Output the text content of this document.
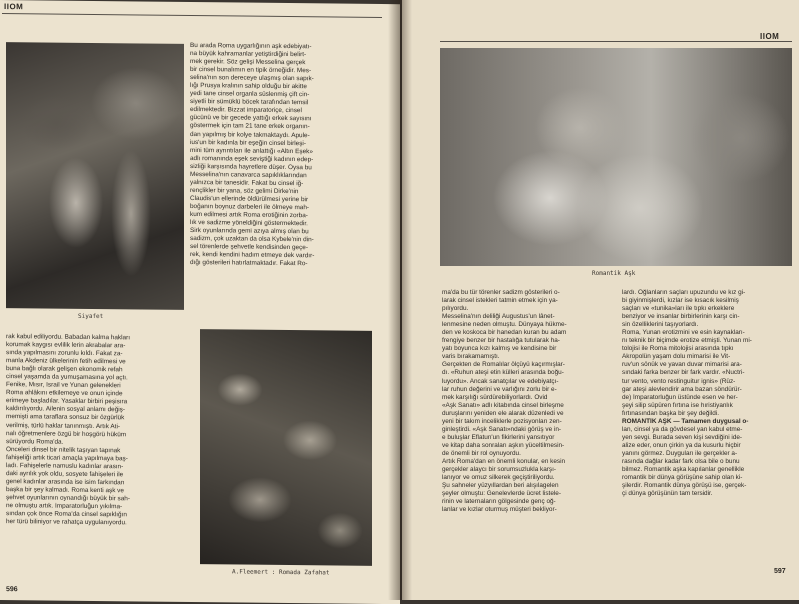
IIOM
Siyafet
A.Fleemert : Romada Zafahat
Bu arada Roma uygarlığının aşk edebiyatı-
na büyük kahramanlar yetiştirdiğini belirt-
mek gerekir. Söz gelişi Messelina gerçek
bir cinsel bunalımın en tipik örneğidir. Mes-
selina'nın son dereceye ulaşmış olan sapık-
lığı Prusya kralının sahip olduğu bir akitte
yedi tane cinsel organla süslenmiş çift cin-
siyetli bir sümüklü böcek tarafından temsil
edilmektedir. Bizzat imparatoriçe, cinsel
gücünü ve bir gecede yattığı erkek sayısını
göstermek için tam 21 tane erkek organın-
dan yapılmış bir kolye takmaktaydı. Apule-
ius'un bir kadınla bir eşeğin cinsel birleşi-
mini tüm ayrıntıları ile anlattığı «Altın Eşek»
adlı romanında eşek sevişti̇ği kadının edep-
sizliği karşısında hayretlere düşer. Oysa bu
Messelina'nın canavarca sapıklıklarından
yalnızca bir tanesidir. Fakat bu cinsel iğ-
rençlikler bir yana, söz gelimi Dirke'nin
Claudis'un ellerinde öldürülmesi yerine bir
boğanın boynuz darbeleri ile ölmeye mah-
kum edilmesi artık Roma erotiğinin zorba-
lık ve sadizme yöneldiğini göstermektedir.
Sirk oyunlarında gemi azıya almış olan bu
sadizm, çok uzaktan da olsa Kybele'nin din-
sel törenlerde şehvetle kendisinden geçe-
rek, kendi kendini hadım etmeye dek vardır-
dığı gösterileri hatırlatmaktadır. Fakat Ro-
rak kabul ediliyordu. Babadan kalma hakları
korumak kaygısı evlilik lerin akrabalar ara-
sında yapılmasını zorunlu kıldı. Fakat za-
manla Akdeniz ülkelerinin fetih edilmesi ve
buna bağlı olarak gelişen ekonomik refah
cinsel yaşamda da yumuşamasına yol açtı.
Fenike, Mısır, İsrail ve Yunan gelenekleri
Roma ahlâkını etkilemeye ve onun içinde
erimeye başladılar. Yasaklar birbiri peşisıra
kaldırılıyordu. Ailenin sosyal anlamı değiş-
memişti ama taraflara sonsuz bir özgürlük
verilmiş, türlü haklar tanınmıştı. Artık Ati-
nalı öğretmenlere özgü bir hoşgörü hüküm
sürüyordu Roma'da.
Önceleri dinsel bir nitelik taşıyan tapınak
fahişeliği artık ticari amaçla yapılmaya baş-
ladı. Fahişelerle namuslu kadınlar arasın-
daki ayrılık yok oldu, sosyete fahişeleri ile
genel kadınlar arasında ise isim farkından
başka bir şey kalmadı. Roma kenti aşk ve
şehvet oyunlarının oynandığı büyük bir sah-
ne olmuştu artık. İmparatorluğun yıkılma-
sından çok önce Roma'da cinsel sapıklığın
her türü biliniyor ve rahatça uygulanıyordu.
596
IIOM
Romantik Aşk
ma'da bu tür törenler sadizm gösterileri o-
larak cinsel istekleri tatmin etmek için ya-
pılıyordu.
Messelina'nın deliliği Augustus'un lânet-
lenmesine neden olmuştu. Dünyaya hükme-
den ve koskoca bir hanedan kuran bu adam
frengiye benzer bir hastalığa tutularak ha-
yatı boyunca kızı kalmış ve kendisine bir
varis bırakamamıştı.
Gerçekten de Romalılar ölçüyü kaçırmışlar-
dı. «Ruhun ateşi etin külleri arasında boğu-
luyordu». Ancak sanatçılar ve edebiyatçı-
lar ruhun değerini ve varlığını zorlu bir e-
mek karşılığı sürdürebiliyorlardı. Ovid
«Aşk Sanatı» adlı kitabında cinsel birleşme
duruşlarını yeniden ele alarak düzenledi ve
yeni bir takım inceliklerle pozisyonları zen-
ginleştirdi. «Aşk Sanatı»ndaki görüş ve in-
e buluşlar Eflatun'un fikirlerini yansıtıyor
ve kitap daha sonraları aşkın yüceltilmesin-
de önemli bir rol oynuyordu.
Artık Roma'dan en önemli konular, en kesin
gerçekler alaycı bir sorumsuzlukla karşı-
lanıyor ve omuz silkerek geçiştiriliyordu.
Şu sahneler yüzyıllardan beri alışılagelen
şeyler olmuştu: Genelevlerde ücret listele-
rinin ve laternaların gölgesinde genç oğ-
lanlar ve kızlar oturmuş müşteri bekliyor-
lardı. Oğlanların saçları upuzundu ve kız gi-
bi giyinmişlerdi, kızlar ise kısacık kesilmiş
saçları ve «tunika»ları ile tıpkı erkeklere
benziyor ve insanlar birbirlerinin karşı cin-
sin özelliklerini taşıyorlardı.
Roma, Yunan erotizmini ve esin kaynakları-
nı teknik bir biçimde erotize etmişti. Yunan mi-
tolojisi ile Roma mitolojisi arasında tıpkı
Akropolün yaşam dolu mimarisi ile Vit-
ruv'un sönük ve yavan duvar mimarisi ara-
sındaki farka benzer bir fark vardır. «Nuctri-
tur vento, vento restinguitur ignis» (Rüz-
gar ateşi alevlendirir ama bazan söndürür-
de) İmparatorluğun üstünde esen ve her-
şeyi silip süpüren fırtına ise hıristiyanlık
fırtınasından başka bir şey değildi.
ROMANTİK AŞK — Tamamen duygusal o-
lan, cinsel ya da gövdesel yan kabul etme-
yen sevgi. Burada seven kişi sevdiğini ide-
alize eder, onun çirkin ya da kusurlu hiçbir
yanını görmez. Duyguları ile gerçekler a-
rasında dağlar kadar fark olsa bile o bunu
bilmez. Romantik aşka kapılanlar genellikle
romantik bir dünya görüşüne sahip olan ki-
şilerdir. Romantik dünya görüşü ise, gerçek-
çi dünya görüşünün tam tersidir.
597
